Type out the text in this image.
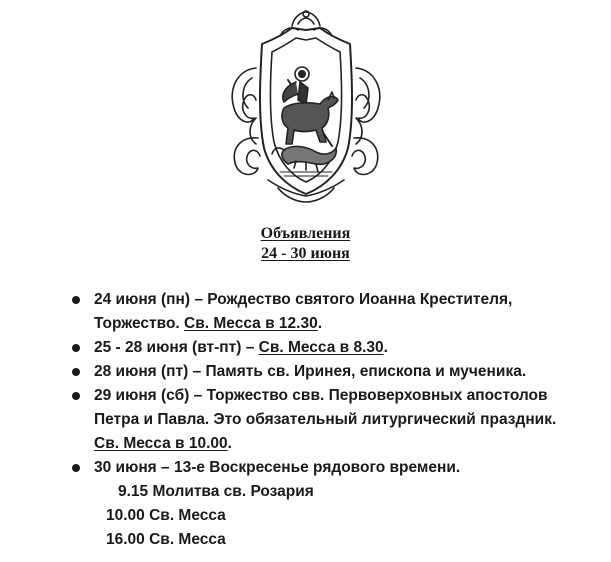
Объявления
24 - 30 июня
24 июня (пн) – Рождество святого Иоанна Крестителя,
Торжество. Св. Месса в 12.30.
25 - 28 июня (вт-пт) – Св. Месса в 8.30.
28 июня (пт) – Память св. Иринея, епископа и мученика.
29 июня (сб) – Торжество свв. Первоверховных апостолов
Петра и Павла. Это обязательный литургический праздник.
Св. Месса в 10.00.
30 июня – 13-е Воскресенье рядового времени.
9.15 Молитва св. Розария
10.00 Св. Месса
16.00 Св. Месса
